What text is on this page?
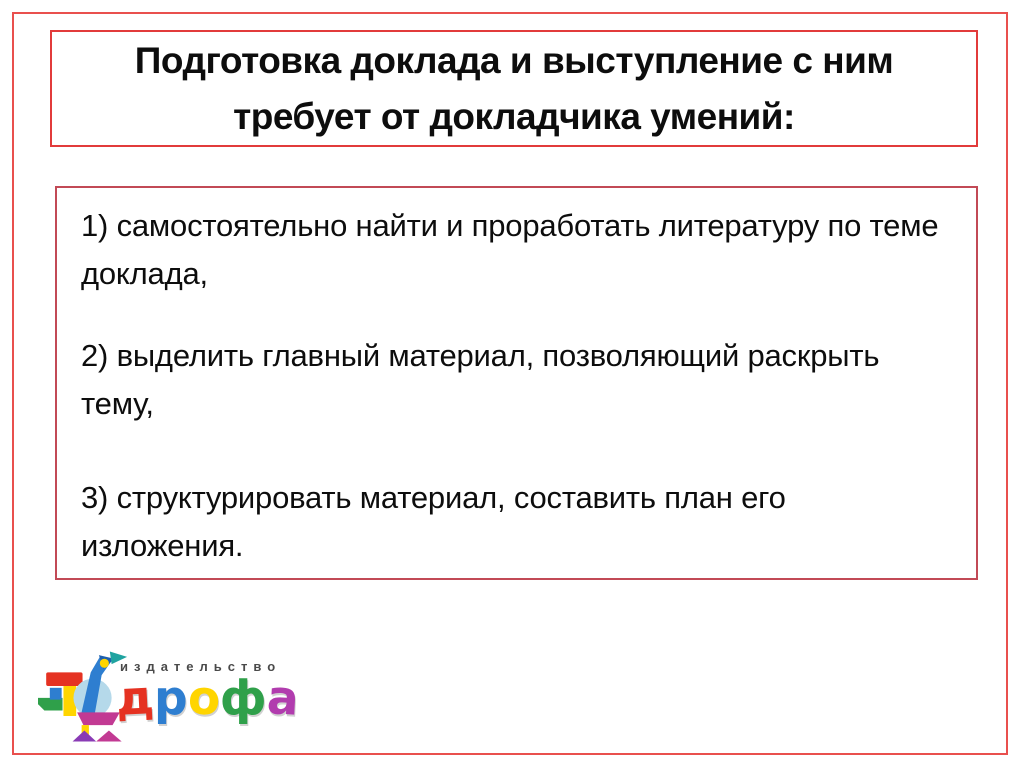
Подготовка доклада и выступление с ним
требует от докладчика умений:

1) самостоятельно найти и проработать литературу по теме доклада,

2) выделить главный материал, позволяющий раскрыть тему,

3) структурировать материал, составить план его изложения.

издательство
дрофа
